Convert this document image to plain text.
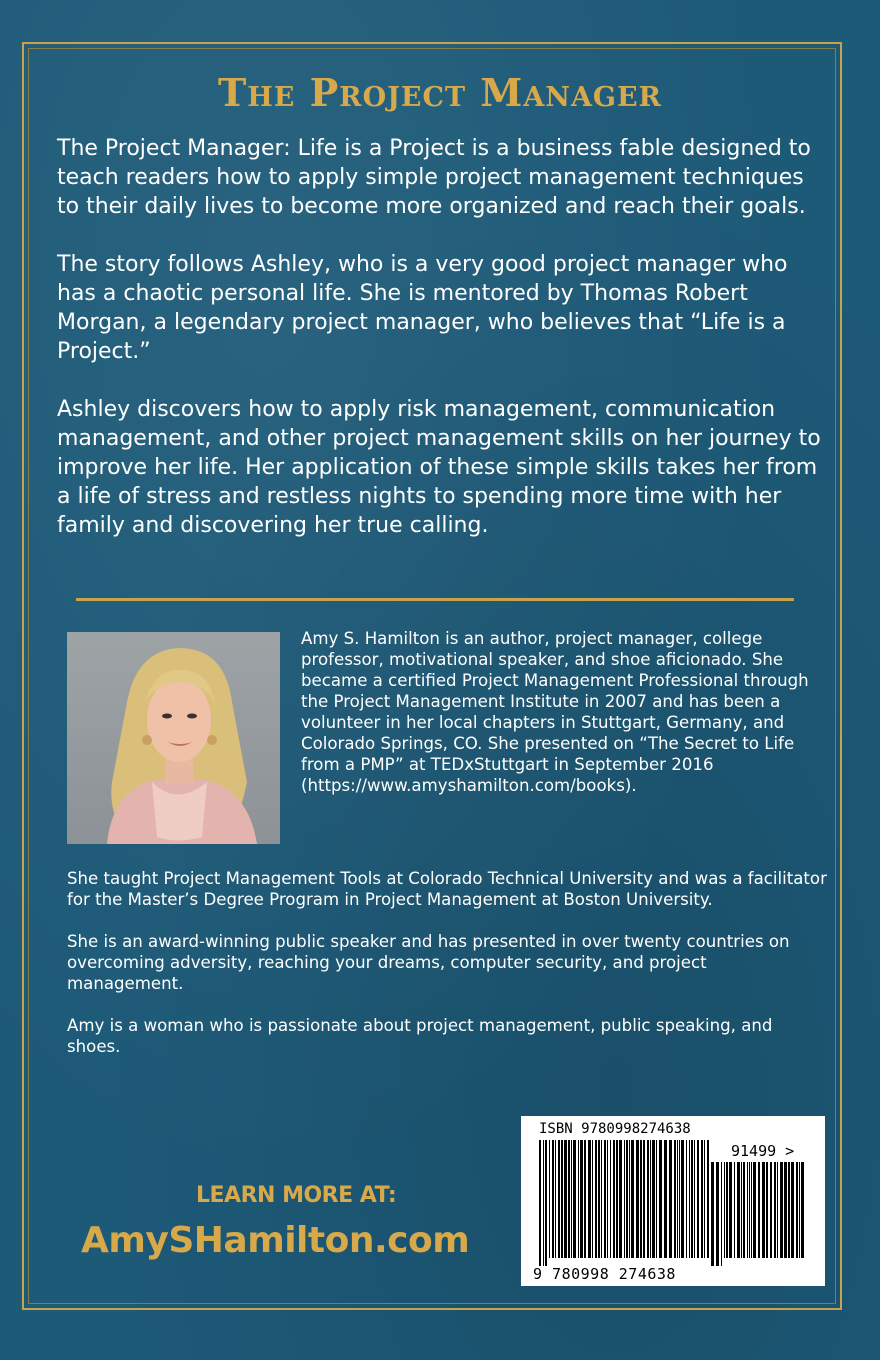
The Project Manager

The Project Manager: Life is a Project is a business fable designed to teach readers how to apply simple project management techniques to their daily lives to become more organized and reach their goals.

The story follows Ashley, who is a very good project manager who has a chaotic personal life. She is mentored by Thomas Robert Morgan, a legendary project manager, who believes that “Life is a Project.”

Ashley discovers how to apply risk management, communication management, and other project management skills on her journey to improve her life. Her application of these simple skills takes her from a life of stress and restless nights to spending more time with her family and discovering her true calling.

Amy S. Hamilton is an author, project manager, college professor, motivational speaker, and shoe aficionado. She became a certified Project Management Professional through the Project Management Institute in 2007 and has been a volunteer in her local chapters in Stuttgart, Germany, and Colorado Springs, CO. She presented on “The Secret to Life from a PMP” at TEDxStuttgart in September 2016 (https://www.amyshamilton.com/books).

She taught Project Management Tools at Colorado Technical University and was a facilitator for the Master’s Degree Program in Project Management at Boston University.

She is an award-winning public speaker and has presented in over twenty countries on overcoming adversity, reaching your dreams, computer security, and project management.

Amy is a woman who is passionate about project management, public speaking, and shoes.

LEARN MORE AT:
AmySHamilton.com
ISBN 9780998274638
91499 >
9 780998 274638
